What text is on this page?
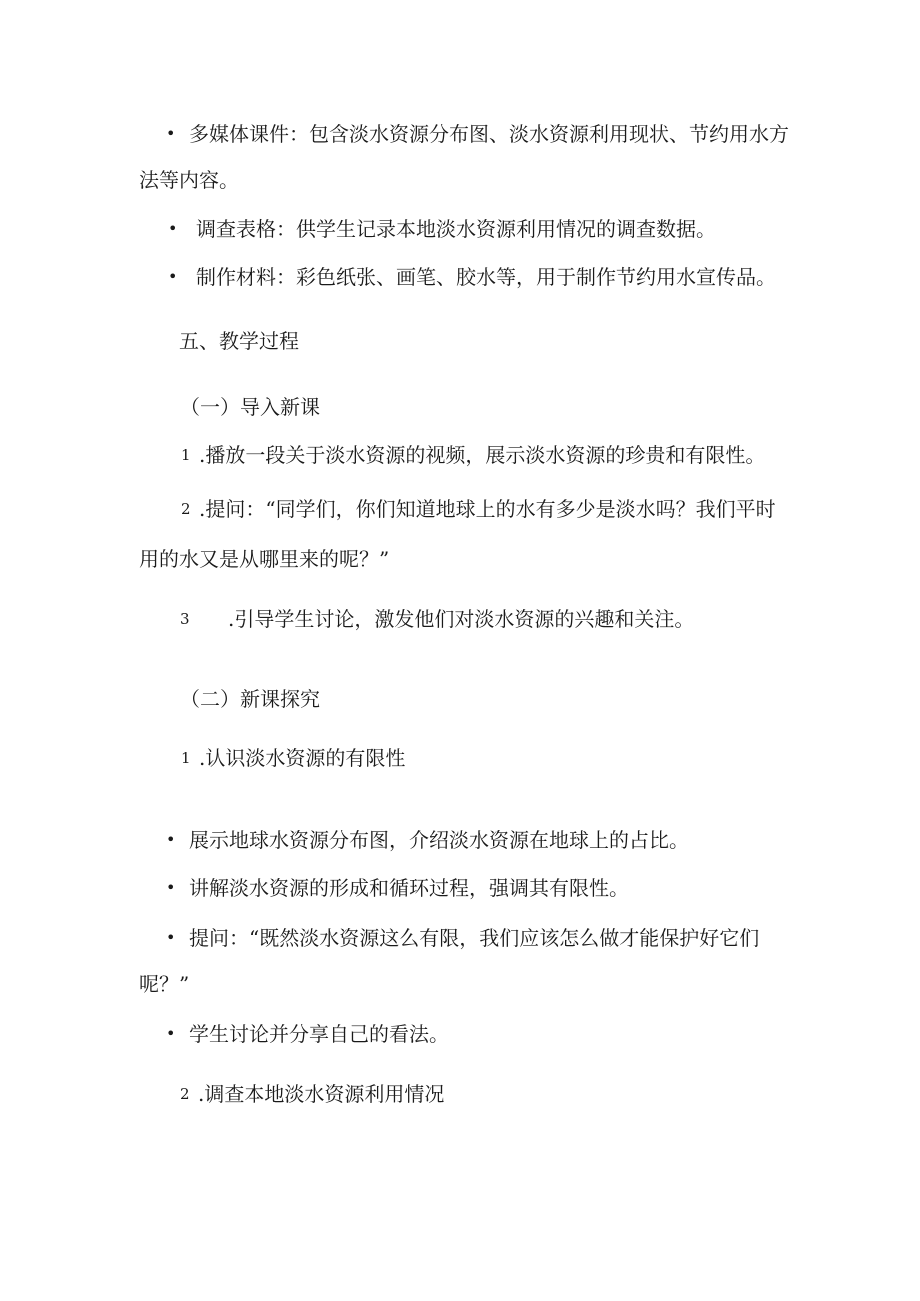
• 多媒体课件：包含淡水资源分布图、淡水资源利用现状、节约用水方
法等内容。
• 调查表格：供学生记录本地淡水资源利用情况的调查数据。
• 制作材料：彩色纸张、画笔、胶水等，用于制作节约用水宣传品。
五、教学过程
（一）导入新课
1 .播放一段关于淡水资源的视频，展示淡水资源的珍贵和有限性。
2 .提问：“同学们，你们知道地球上的水有多少是淡水吗？我们平时
用的水又是从哪里来的呢？”
3 .引导学生讨论，激发他们对淡水资源的兴趣和关注。
（二）新课探究
1 .认识淡水资源的有限性
• 展示地球水资源分布图，介绍淡水资源在地球上的占比。
• 讲解淡水资源的形成和循环过程，强调其有限性。
• 提问：“既然淡水资源这么有限，我们应该怎么做才能保护好它们
呢？”
• 学生讨论并分享自己的看法。
2 .调查本地淡水资源利用情况
